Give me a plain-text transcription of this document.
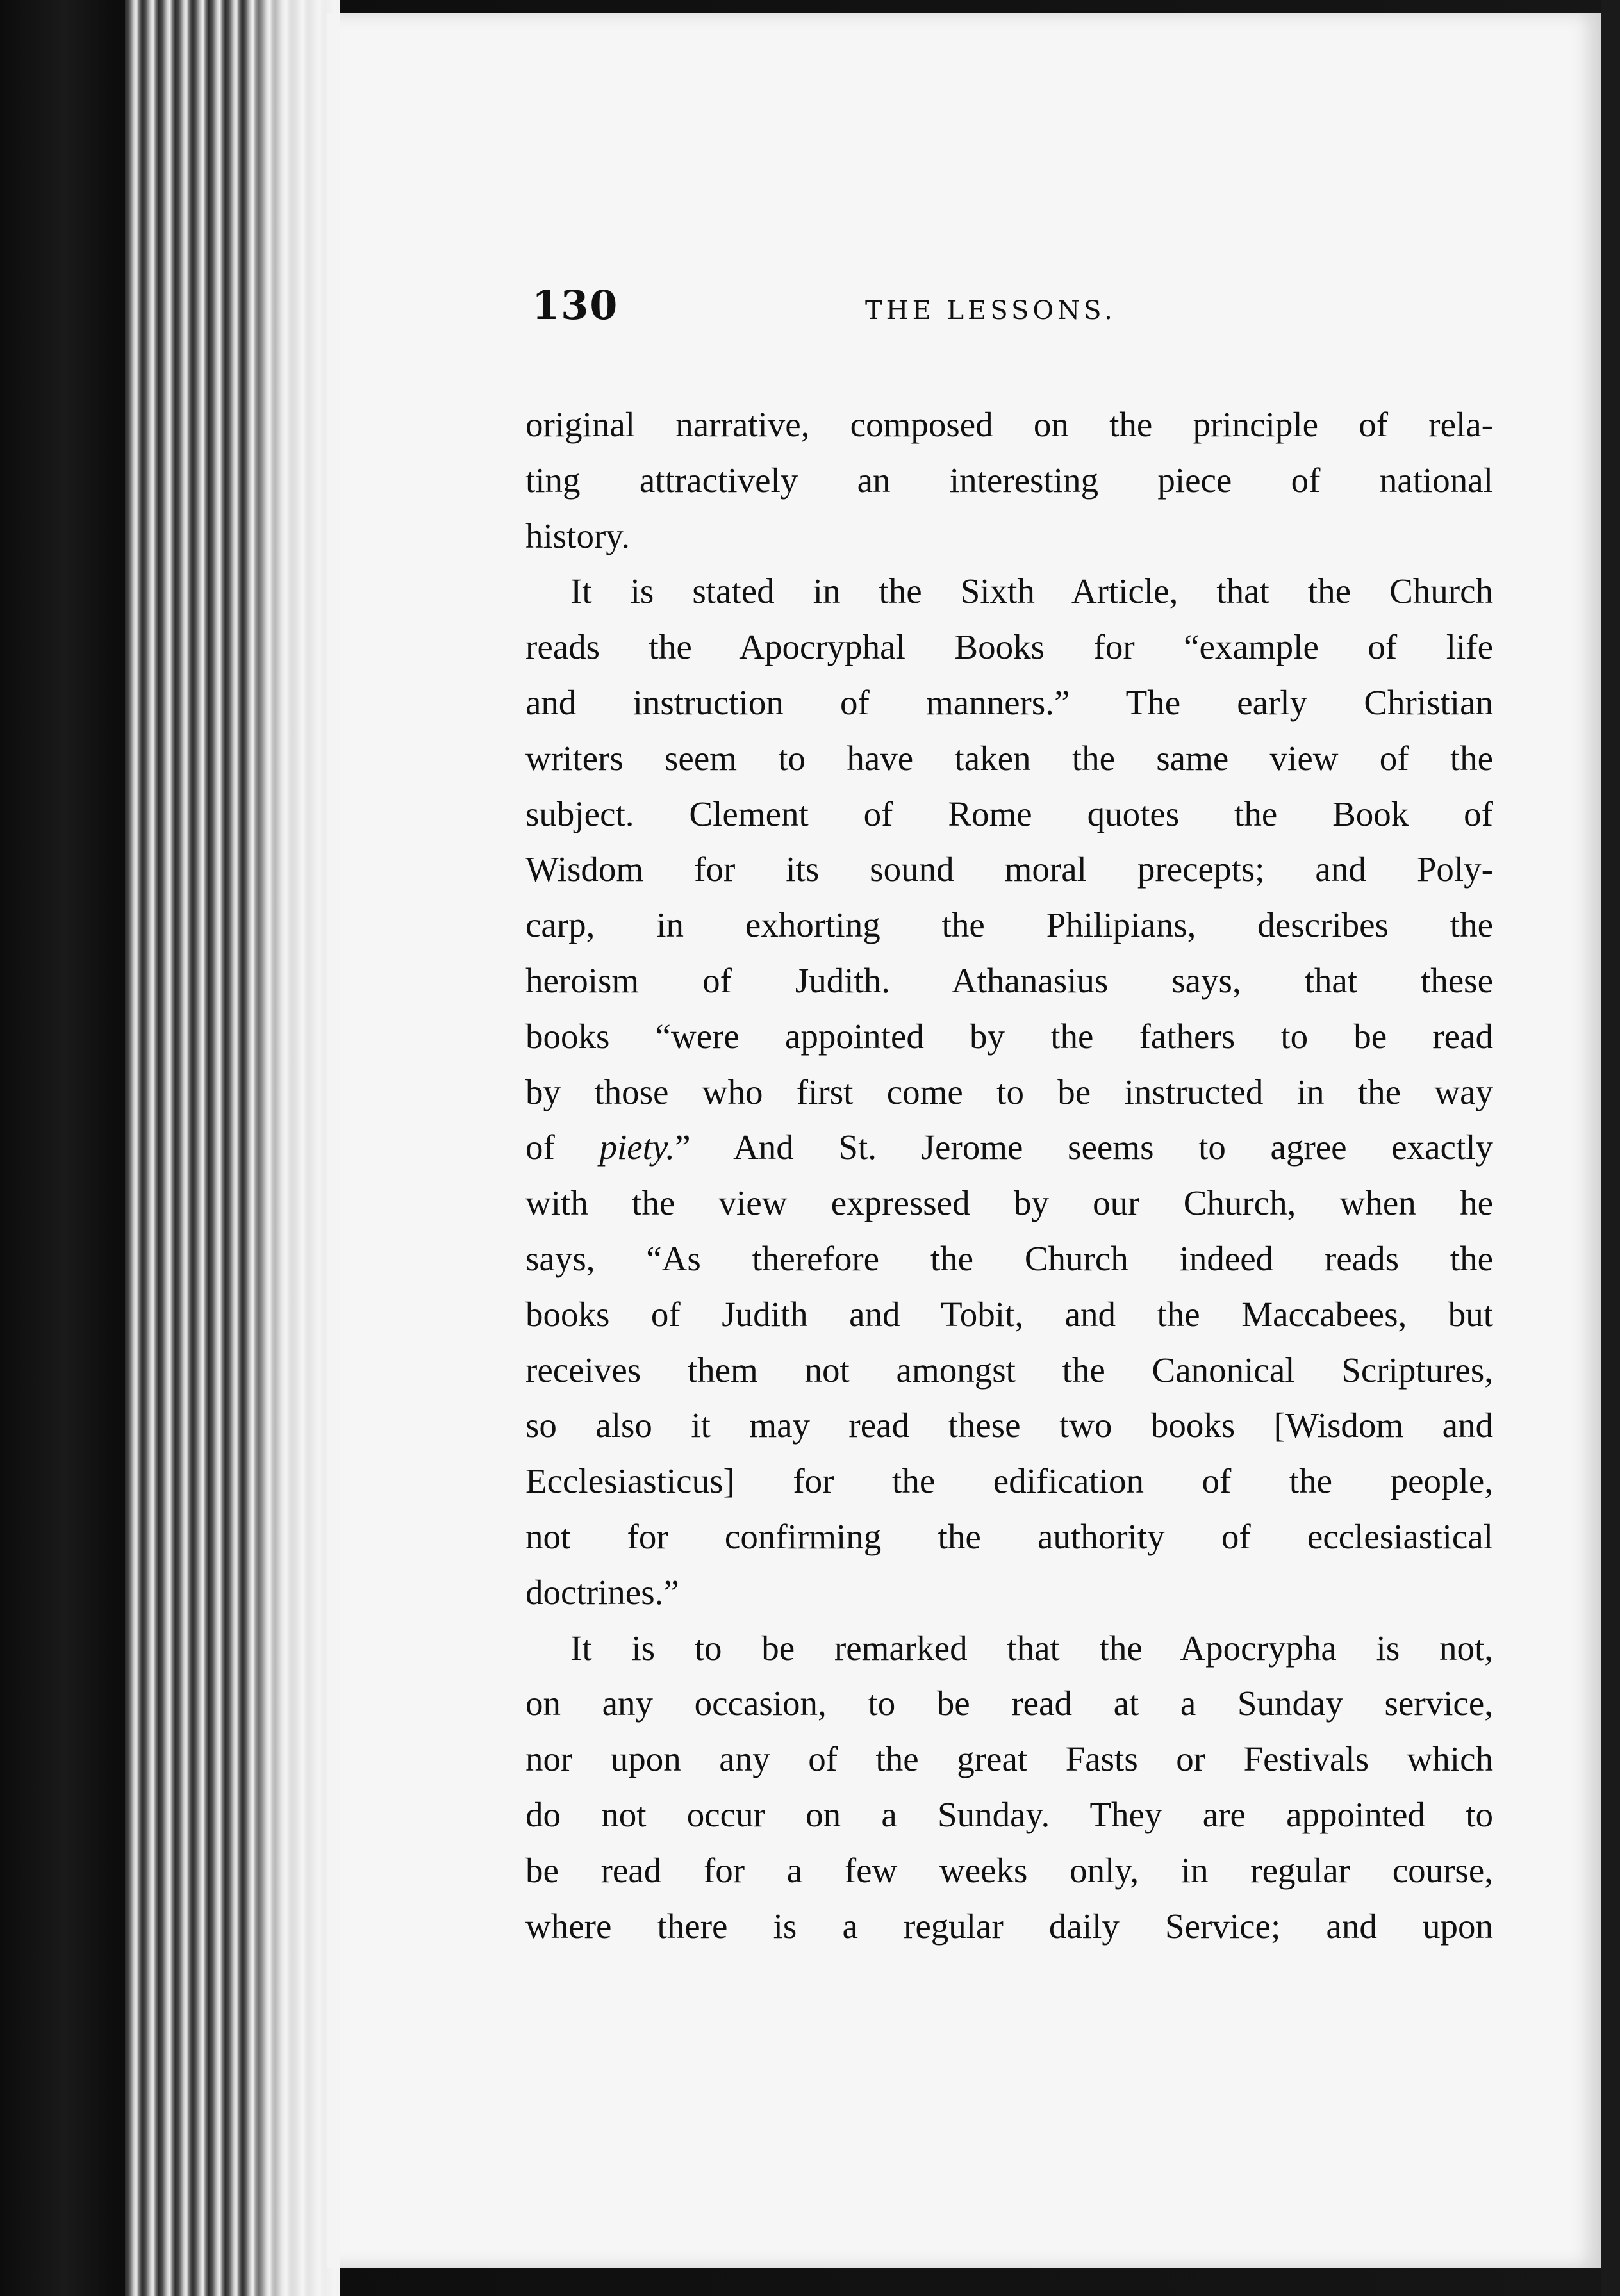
130	THE LESSONS.
original narrative, composed on the principle of rela-
ting attractively an interesting piece of national
history.
It is stated in the Sixth Article, that the Church
reads the Apocryphal Books for “example of life
and instruction of manners.” The early Christian
writers seem to have taken the same view of the
subject. Clement of Rome quotes the Book of
Wisdom for its sound moral precepts; and Poly-
carp, in exhorting the Philipians, describes the
heroism of Judith. Athanasius says, that these
books “were appointed by the fathers to be read
by those who first come to be instructed in the way
of piety.” And St. Jerome seems to agree exactly
with the view expressed by our Church, when he
says, “As therefore the Church indeed reads the
books of Judith and Tobit, and the Maccabees, but
receives them not amongst the Canonical Scriptures,
so also it may read these two books [Wisdom and
Ecclesiasticus] for the edification of the people,
not for confirming the authority of ecclesiastical
doctrines.”
It is to be remarked that the Apocrypha is not,
on any occasion, to be read at a Sunday service,
nor upon any of the great Fasts or Festivals which
do not occur on a Sunday. They are appointed to
be read for a few weeks only, in regular course,
where there is a regular daily Service; and upon
